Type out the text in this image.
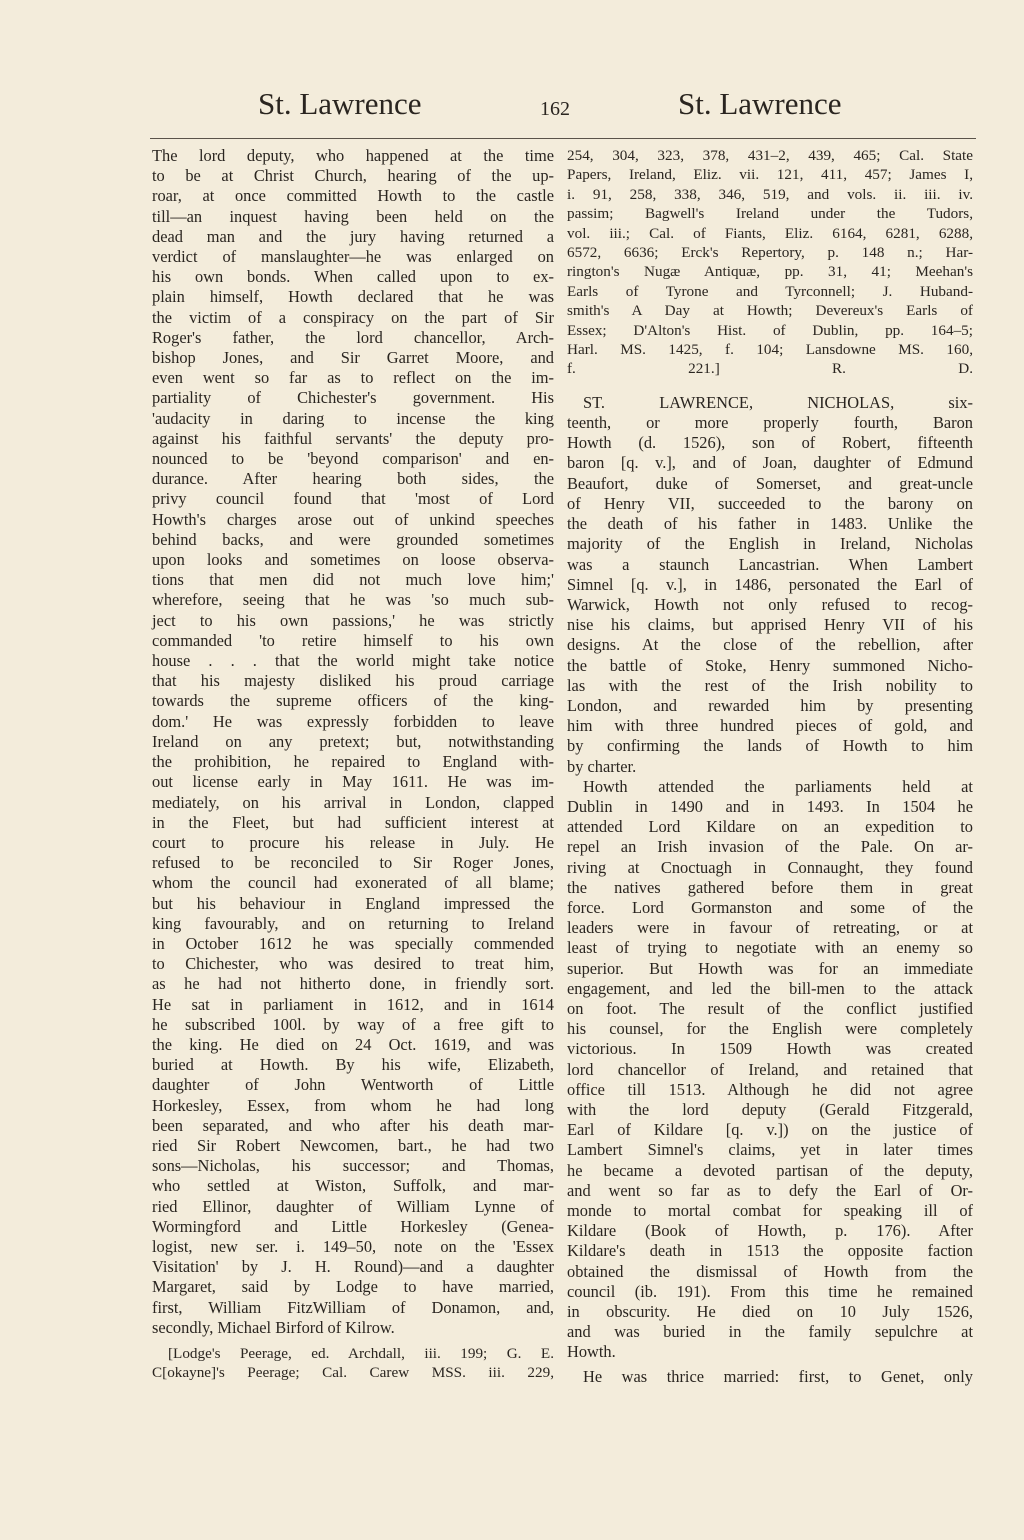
St. Lawrence	162	St. Lawrence
The lord deputy, who happened at the time
to be at Christ Church, hearing of the up-
roar, at once committed Howth to the castle
till—an inquest having been held on the
dead man and the jury having returned a
verdict of manslaughter—he was enlarged on
his own bonds. When called upon to ex-
plain himself, Howth declared that he was
the victim of a conspiracy on the part of Sir
Roger's father, the lord chancellor, Arch-
bishop Jones, and Sir Garret Moore, and
even went so far as to reflect on the im-
partiality of Chichester's government. His
'audacity in daring to incense the king
against his faithful servants' the deputy pro-
nounced to be 'beyond comparison' and en-
durance. After hearing both sides, the
privy council found that 'most of Lord
Howth's charges arose out of unkind speeches
behind backs, and were grounded sometimes
upon looks and sometimes on loose observa-
tions that men did not much love him;'
wherefore, seeing that he was 'so much sub-
ject to his own passions,' he was strictly
commanded 'to retire himself to his own
house . . . that the world might take notice
that his majesty disliked his proud carriage
towards the supreme officers of the king-
dom.' He was expressly forbidden to leave
Ireland on any pretext; but, notwithstanding
the prohibition, he repaired to England with-
out license early in May 1611. He was im-
mediately, on his arrival in London, clapped
in the Fleet, but had sufficient interest at
court to procure his release in July. He
refused to be reconciled to Sir Roger Jones,
whom the council had exonerated of all blame;
but his behaviour in England impressed the
king favourably, and on returning to Ireland
in October 1612 he was specially commended
to Chichester, who was desired to treat him,
as he had not hitherto done, in friendly sort.
He sat in parliament in 1612, and in 1614
he subscribed 100l. by way of a free gift to
the king. He died on 24 Oct. 1619, and was
buried at Howth. By his wife, Elizabeth,
daughter of John Wentworth of Little
Horkesley, Essex, from whom he had long
been separated, and who after his death mar-
ried Sir Robert Newcomen, bart., he had two
sons—Nicholas, his successor; and Thomas,
who settled at Wiston, Suffolk, and mar-
ried Ellinor, daughter of William Lynne of
Wormingford and Little Horkesley (Genea-
logist, new ser. i. 149–50, note on the 'Essex
Visitation' by J. H. Round)—and a daughter
Margaret, said by Lodge to have married,
first, William FitzWilliam of Donamon, and,
secondly, Michael Birford of Kilrow.
[Lodge's Peerage, ed. Archdall, iii. 199; G. E.
C[okayne]'s Peerage; Cal. Carew MSS. iii. 229,
254, 304, 323, 378, 431–2, 439, 465; Cal. State
Papers, Ireland, Eliz. vii. 121, 411, 457; James I,
i. 91, 258, 338, 346, 519, and vols. ii. iii. iv.
passim; Bagwell's Ireland under the Tudors,
vol. iii.; Cal. of Fiants, Eliz. 6164, 6281, 6288,
6572, 6636; Erck's Repertory, p. 148 n.; Har-
rington's Nugæ Antiquæ, pp. 31, 41; Meehan's
Earls of Tyrone and Tyrconnell; J. Huband-
smith's A Day at Howth; Devereux's Earls of
Essex; D'Alton's Hist. of Dublin, pp. 164–5;
Harl. MS. 1425, f. 104; Lansdowne MS. 160,
f. 221.]	R. D.
ST. LAWRENCE, NICHOLAS, six-
teenth, or more properly fourth, Baron
Howth (d. 1526), son of Robert, fifteenth
baron [q. v.], and of Joan, daughter of Edmund
Beaufort, duke of Somerset, and great-uncle
of Henry VII, succeeded to the barony on
the death of his father in 1483. Unlike the
majority of the English in Ireland, Nicholas
was a staunch Lancastrian. When Lambert
Simnel [q. v.], in 1486, personated the Earl of
Warwick, Howth not only refused to recog-
nise his claims, but apprised Henry VII of his
designs. At the close of the rebellion, after
the battle of Stoke, Henry summoned Nicho-
las with the rest of the Irish nobility to
London, and rewarded him by presenting
him with three hundred pieces of gold, and
by confirming the lands of Howth to him
by charter.
Howth attended the parliaments held at
Dublin in 1490 and in 1493. In 1504 he
attended Lord Kildare on an expedition to
repel an Irish invasion of the Pale. On ar-
riving at Cnoctuagh in Connaught, they found
the natives gathered before them in great
force. Lord Gormanston and some of the
leaders were in favour of retreating, or at
least of trying to negotiate with an enemy so
superior. But Howth was for an immediate
engagement, and led the bill-men to the attack
on foot. The result of the conflict justified
his counsel, for the English were completely
victorious. In 1509 Howth was created
lord chancellor of Ireland, and retained that
office till 1513. Although he did not agree
with the lord deputy (Gerald Fitzgerald,
Earl of Kildare [q. v.]) on the justice of
Lambert Simnel's claims, yet in later times
he became a devoted partisan of the deputy,
and went so far as to defy the Earl of Or-
monde to mortal combat for speaking ill of
Kildare (Book of Howth, p. 176). After
Kildare's death in 1513 the opposite faction
obtained the dismissal of Howth from the
council (ib. 191). From this time he remained
in obscurity. He died on 10 July 1526,
and was buried in the family sepulchre at
Howth.
He was thrice married: first, to Genet, only
